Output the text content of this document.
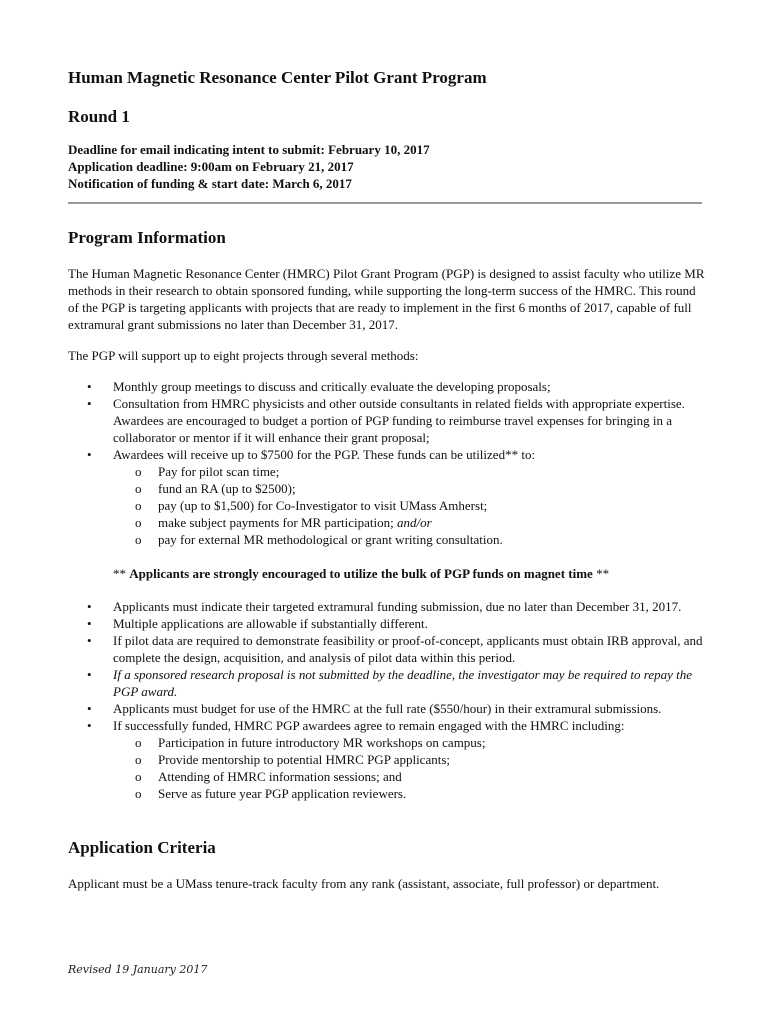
Human Magnetic Resonance Center Pilot Grant Program
Round 1
Deadline for email indicating intent to submit: February 10, 2017
Application deadline: 9:00am on February 21, 2017
Notification of funding & start date: March 6, 2017
Program Information

The Human Magnetic Resonance Center (HMRC) Pilot Grant Program (PGP) is designed to assist faculty who utilize MR methods in their research to obtain sponsored funding, while supporting the long-term success of the HMRC. This round of the PGP is targeting applicants with projects that are ready to implement in the first 6 months of 2017, capable of full extramural grant submissions no later than December 31, 2017.

The PGP will support up to eight projects through several methods:

• Monthly group meetings to discuss and critically evaluate the developing proposals;
• Consultation from HMRC physicists and other outside consultants in related fields with appropriate expertise. Awardees are encouraged to budget a portion of PGP funding to reimburse travel expenses for bringing in a collaborator or mentor if it will enhance their grant proposal;
• Awardees will receive up to $7500 for the PGP. These funds can be utilized** to:
o Pay for pilot scan time;
o fund an RA (up to $2500);
o pay (up to $1,500) for Co-Investigator to visit UMass Amherst;
o make subject payments for MR participation; and/or
o pay for external MR methodological or grant writing consultation.
** Applicants are strongly encouraged to utilize the bulk of PGP funds on magnet time **
• Applicants must indicate their targeted extramural funding submission, due no later than December 31, 2017.
• Multiple applications are allowable if substantially different.
• If pilot data are required to demonstrate feasibility or proof-of-concept, applicants must obtain IRB approval, and complete the design, acquisition, and analysis of pilot data within this period.
• If a sponsored research proposal is not submitted by the deadline, the investigator may be required to repay the PGP award.
• Applicants must budget for use of the HMRC at the full rate ($550/hour) in their extramural submissions.
• If successfully funded, HMRC PGP awardees agree to remain engaged with the HMRC including:
o Participation in future introductory MR workshops on campus;
o Provide mentorship to potential HMRC PGP applicants;
o Attending of HMRC information sessions; and
o Serve as future year PGP application reviewers.
Application Criteria

Applicant must be a UMass tenure-track faculty from any rank (assistant, associate, full professor) or department.

Revised 19 January 2017
